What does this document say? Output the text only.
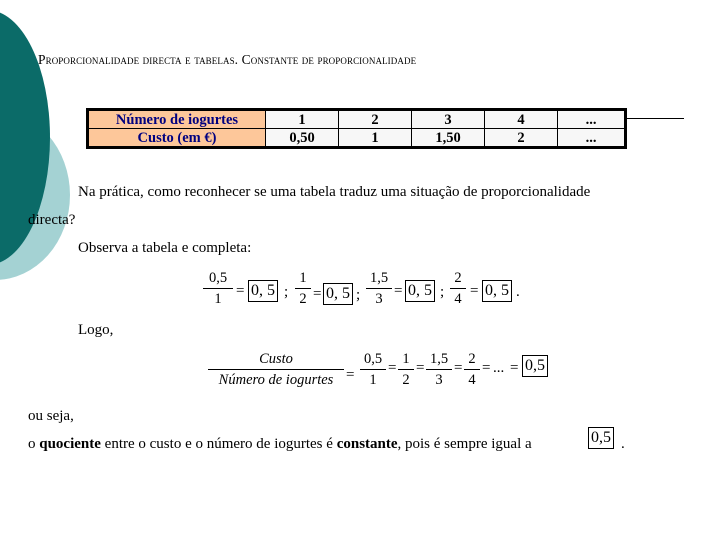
Proporcionalidade directa e tabelas. Constante de proporcionalidade
Número de iogurtes	1	2	3	4	...
Custo (em €)	0,50	1	1,50	2	...
Na prática, como reconhecer se uma tabela traduz uma situação de proporcionalidade
directa?
Observa a tabela e completa:
0,5
1 = 0, 5 ;
1
2 = 0, 5 ;
1,5
3 = 0, 5 ;
2
4 = 0, 5 .
Logo,
Custo
Número de iogurtes =
0,5
1
=
1
2
=
1,5
3
=
2
4
= ... = 0,5
ou seja,
o quociente entre o custo e o número de iogurtes é constante, pois é sempre igual a	0,5 .
